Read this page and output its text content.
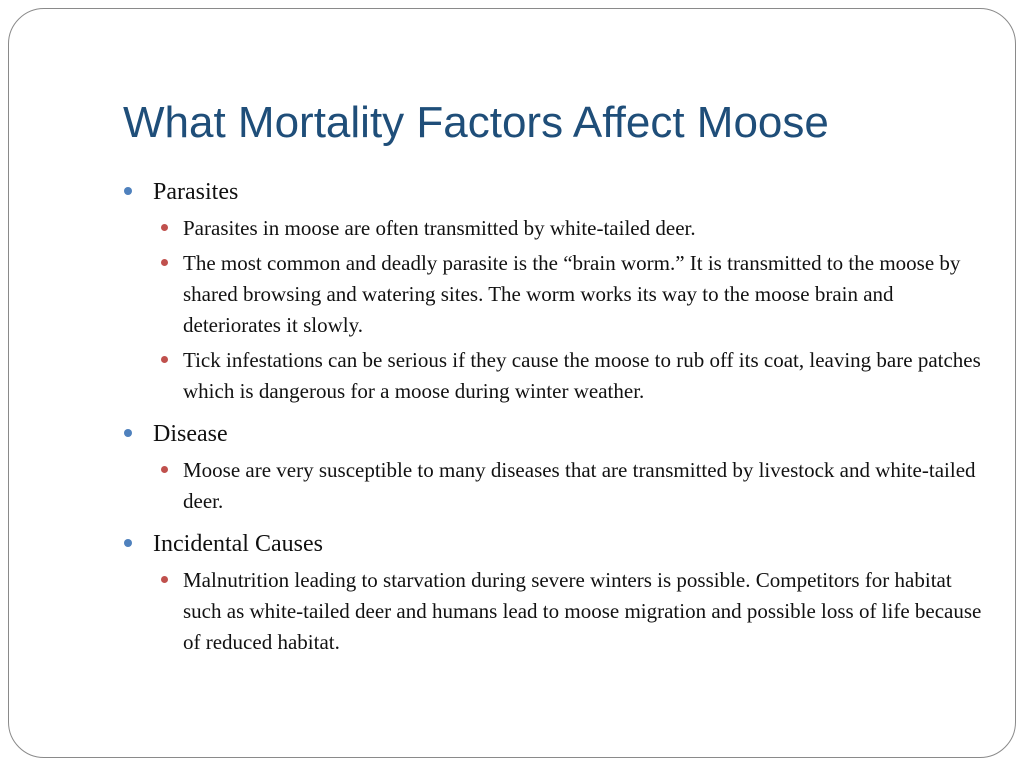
What Mortality Factors Affect Moose
Parasites
Parasites in moose are often transmitted by white-tailed deer.
The most common and deadly parasite is the “brain worm.” It is transmitted to the moose by shared browsing and watering sites. The worm works its way to the moose brain and deteriorates it slowly.
Tick infestations can be serious if they cause the moose to rub off its coat, leaving bare patches which is dangerous for a moose during winter weather.
Disease
Moose are very susceptible to many diseases that are transmitted by livestock and white-tailed deer.
Incidental Causes
Malnutrition leading to starvation during severe winters is possible. Competitors for habitat such as white-tailed deer and humans lead to moose migration and possible loss of life because of reduced habitat.
